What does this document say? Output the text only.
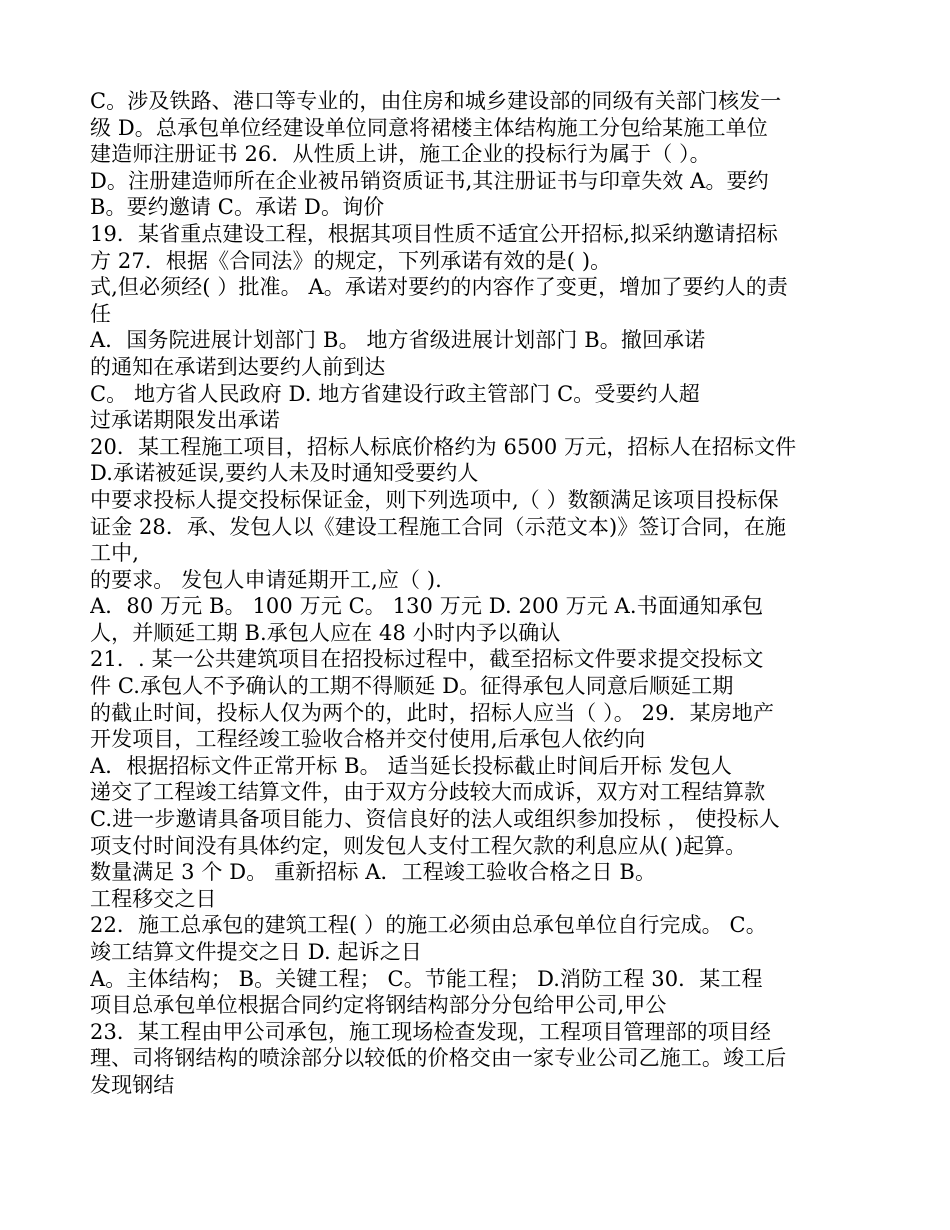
C。涉及铁路、港口等专业的，由住房和城乡建设部的同级有关部门核发一
级 D。总承包单位经建设单位同意将裙楼主体结构施工分包给某施工单位
建造师注册证书 26．从性质上讲，施工企业的投标行为属于（ ）。
D。注册建造师所在企业被吊销资质证书,其注册证书与印章失效 A。要约
B。要约邀请 C。承诺 D。询价
19．某省重点建设工程，根据其项目性质不适宜公开招标,拟采纳邀请招标
方 27．根据《合同法》的规定，下列承诺有效的是( )。
式,但必须经( ）批准。 A。承诺对要约的内容作了变更，增加了要约人的责
任
A．国务院进展计划部门 B。 地方省级进展计划部门 B。撤回承诺
的通知在承诺到达要约人前到达
C。 地方省人民政府 D. 地方省建设行政主管部门 C。受要约人超
过承诺期限发出承诺
20．某工程施工项目，招标人标底价格约为 6500 万元，招标人在招标文件
D.承诺被延误,要约人未及时通知受要约人
中要求投标人提交投标保证金，则下列选项中,（ ）数额满足该项目投标保
证金 28．承、发包人以《建设工程施工合同（示范文本)》签订合同，在施
工中,
的要求。 发包人申请延期开工,应（ ).
A．80 万元 B。 100 万元 C。 130 万元 D. 200 万元 A.书面通知承包
人，并顺延工期 B.承包人应在 48 小时内予以确认
21．. 某一公共建筑项目在招投标过程中，截至招标文件要求提交投标文
件 C.承包人不予确认的工期不得顺延 D。征得承包人同意后顺延工期
的截止时间，投标人仅为两个的，此时，招标人应当（ ）。 29．某房地产
开发项目，工程经竣工验收合格并交付使用,后承包人依约向
A．根据招标文件正常开标 B。 适当延长投标截止时间后开标 发包人
递交了工程竣工结算文件，由于双方分歧较大而成诉，双方对工程结算款
C.进一步邀请具备项目能力、资信良好的法人或组织参加投标 ， 使投标人
项支付时间没有具体约定，则发包人支付工程欠款的利息应从( )起算。
数量满足 3 个 D。 重新招标 A．工程竣工验收合格之日 B。
工程移交之日
22．施工总承包的建筑工程( ）的施工必须由总承包单位自行完成。 C。
竣工结算文件提交之日 D. 起诉之日
A。主体结构； B。关键工程； C。节能工程； D.消防工程 30．某工程
项目总承包单位根据合同约定将钢结构部分分包给甲公司,甲公
23．某工程由甲公司承包，施工现场检查发现，工程项目管理部的项目经
理、司将钢结构的喷涂部分以较低的价格交由一家专业公司乙施工。竣工后
发现钢结
